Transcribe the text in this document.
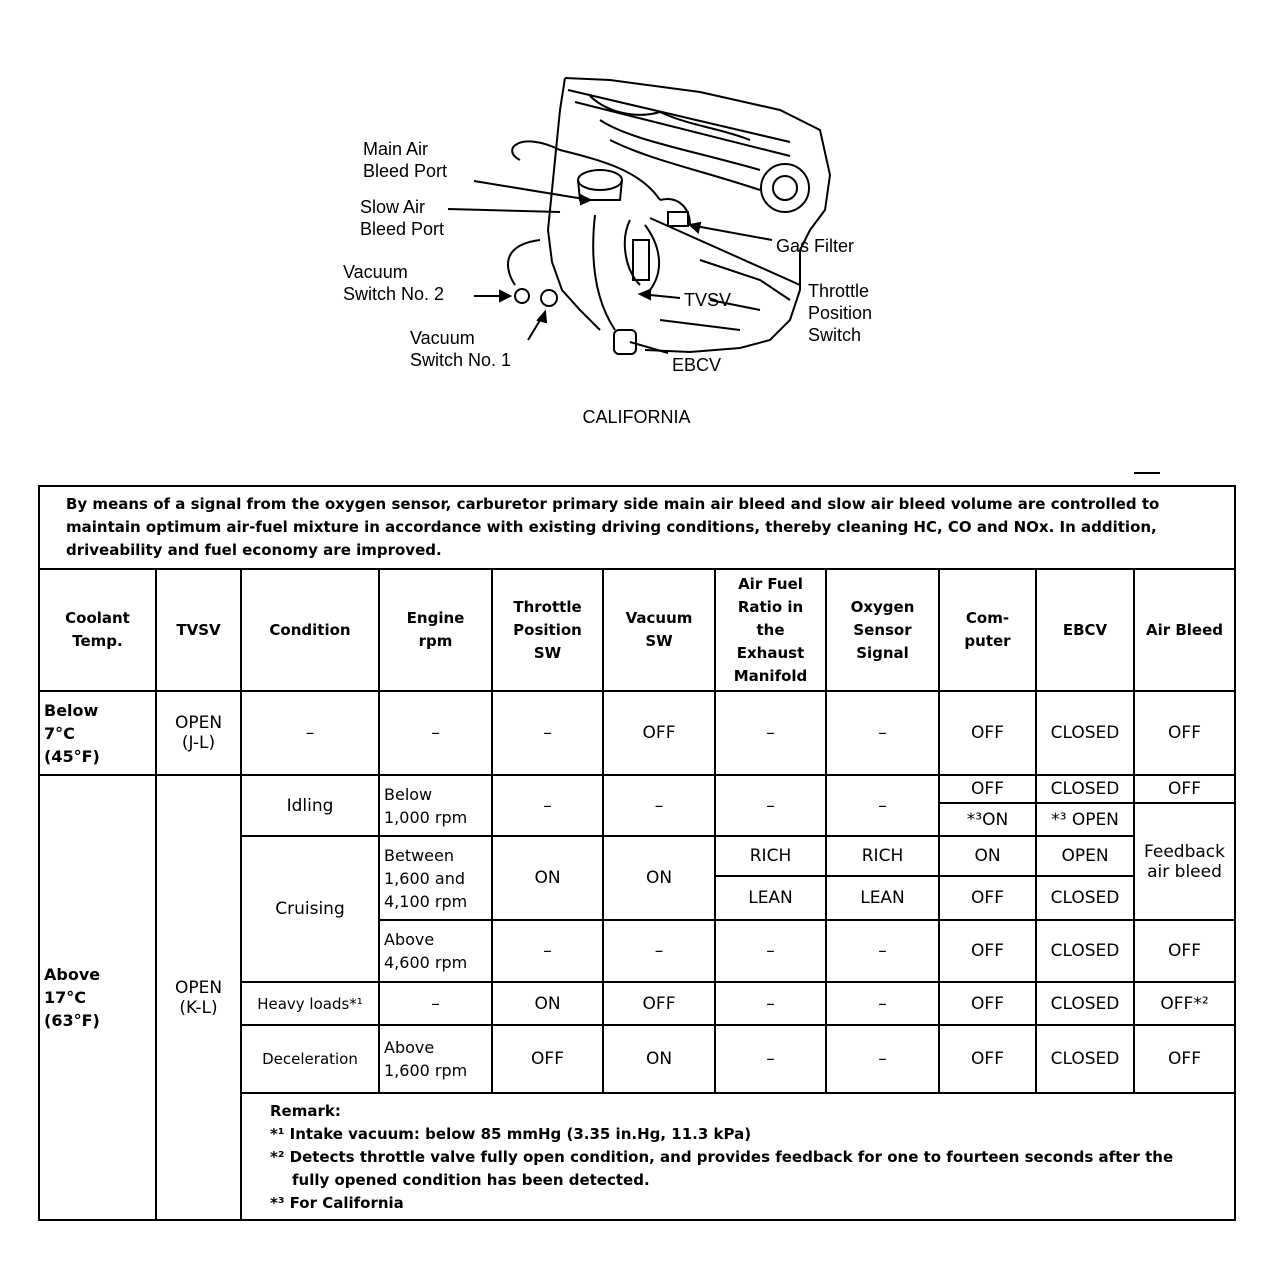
Main Air
Bleed Port
Slow Air
Bleed Port
Vacuum
Switch No. 2
Vacuum
Switch No. 1
Gas Filter
Throttle
Position
Switch
TVSV
EBCV
CALIFORNIA
By means of a signal from the oxygen sensor, carburetor primary side main air bleed and slow air bleed volume are controlled to maintain optimum air-fuel mixture in accordance with existing driving conditions, thereby cleaning HC, CO and NOx. In addition, driveability and fuel economy are improved.										
Coolant
Temp.	TVSV	Condition	Engine
rpm	Throttle
Position
SW	Vacuum
SW	Air Fuel
Ratio in
the
Exhaust
Manifold	Oxygen
Sensor
Signal	Com-
puter	EBCV	Air Bleed
Below
7°C
(45°F)	OPEN
(J-L)	–	–	–	OFF	–	–	OFF	CLOSED	OFF
Above
17°C
(63°F)	OPEN
(K-L)	Idling	Below
1,000 rpm	–	–	–	–	OFF	CLOSED	OFF
								*³ON	*³ OPEN	Feedback
air bleed
		Cruising	Between
1,600 and
4,100 rpm	ON	ON	RICH	RICH	ON	OPEN	
						LEAN	LEAN	OFF	CLOSED	
			Above
4,600 rpm	–	–	–	–	OFF	CLOSED	OFF
		Heavy loads*¹	–	ON	OFF	–	–	OFF	CLOSED	OFF*²
		Deceleration	Above
1,600 rpm	OFF	ON	–	–	OFF	CLOSED	OFF
		Remark:
*¹ Intake vacuum: below 85 mmHg (3.35 in.Hg, 11.3 kPa)
*² Detects throttle valve fully open condition, and provides feedback for one to fourteen seconds after the
fully opened condition has been detected.
*³ For California								
